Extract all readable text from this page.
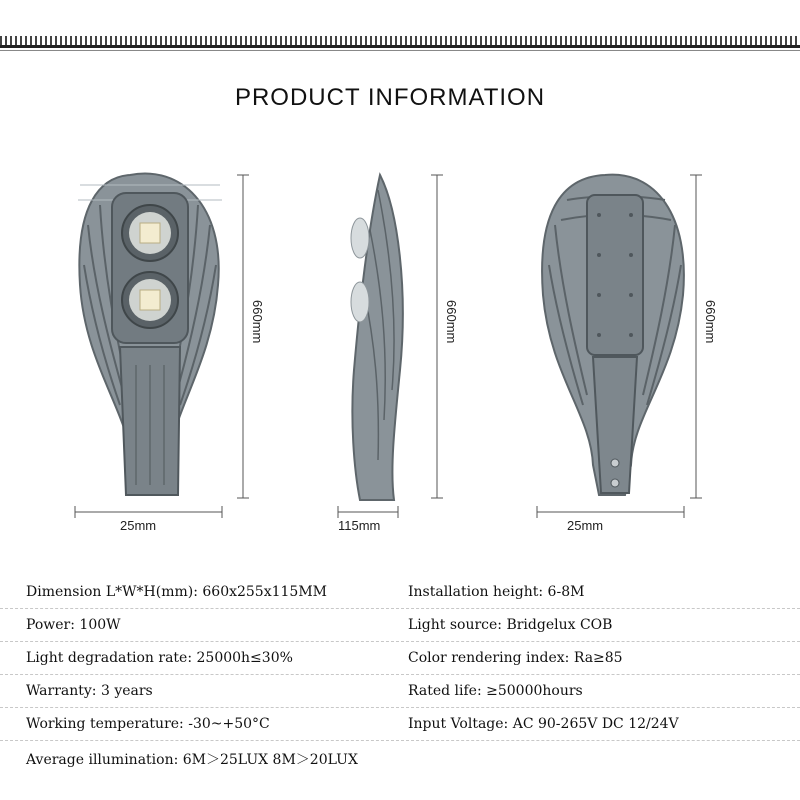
PRODUCT INFORMATION
25mm
660mm
115mm
660mm
25mm
660mm
Dimension L*W*H(mm): 660x255x115MM	Installation height: 6-8M
Power: 100W	Light source: Bridgelux COB
Light degradation rate: 25000h≤30%	Color rendering index: Ra≥85
Warranty: 3 years	Rated life: ≥50000hours
Working temperature: -30~+50°C	Input Voltage: AC 90-265V DC 12/24V
Average illumination: 6M＞25LUX 8M＞20LUX
